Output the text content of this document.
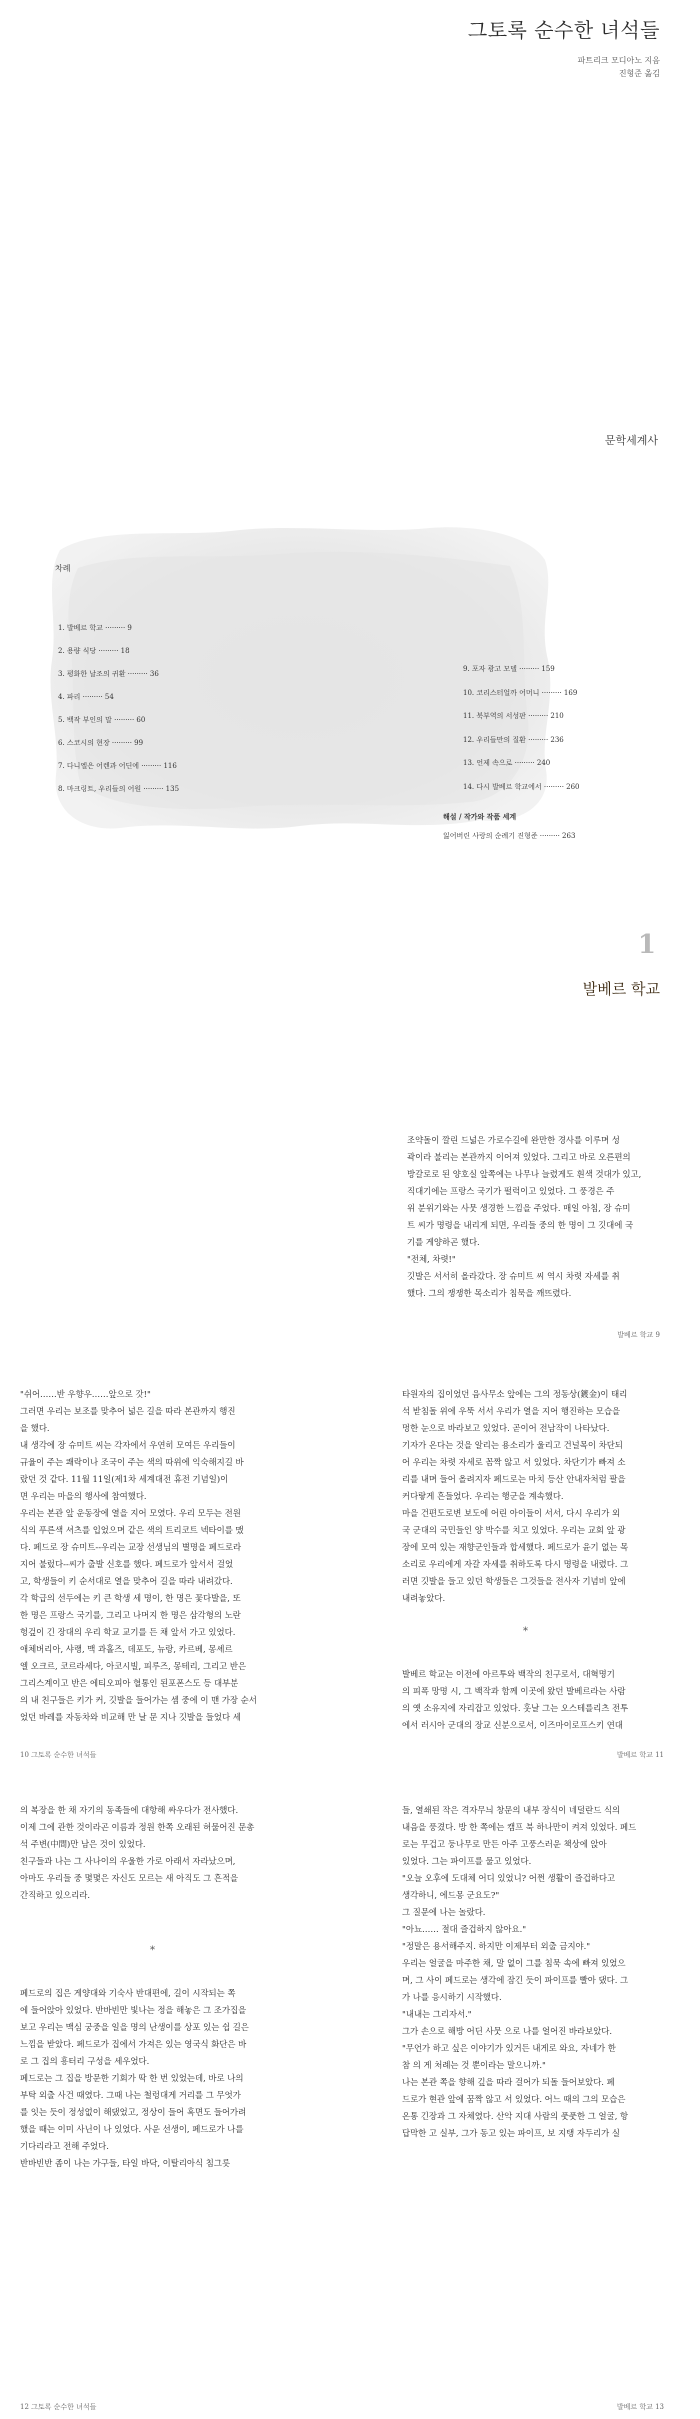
그토록 순수한 녀석들
파트리크 모디아노 지음
진형준 옮김
문학세계사
차례
1. 발베르 학교 ········· 9
2. 용량 식당 ········· 18
3. 평화한 날조의 귀환 ········· 36
4. 파리 ········· 54
5. 백작 부인의 말 ········· 60
6. 스코시의 현장 ········· 99
7. 다니엘은 어렌과 어딘에 ········· 116
8. 마크링트, 우리들의 어원 ········· 135
9. 포자 광고 모델 ········· 159
10. 코리스터얼까 어머니 ········· 169
11. 북부역의 서성판 ········· 210
12. 우리들만의 질환 ········· 236
13. 언제 속으로 ········· 240
14. 다시 발베르 학교에서 ········· 260
해설 / 작가와 작품 세계
잃어버린 사랑의 순례기 진형준 ········· 263
1
발베르 학교

조약돌이 깔린 드넓은 가로수길에 완만한 경사를 이루며 성

곽이라 불리는 본관까지 이어져 있었다. 그리고 바로 오른편의

방갈로로 된 양호실 앞쪽에는 나무나 늘렸게도 흰색 것대가 있고,

직대기에는 프랑스 국기가 펄럭이고 있었다. 그 풍경은 주

위 분위기와는 사뭇 생경한 느낌을 주었다. 매일 아침, 장 슈미

트 씨가 명령을 내리게 되면, 우리들 중의 한 명이 그 깃대에 국

기를 게양하곤 했다.

"전체, 차렷!"

깃발은 서서히 올라갔다. 장 슈미트 씨 역시 차렷 자세를 취

했다. 그의 쟁쟁한 목소리가 침묵을 깨뜨렸다.

발베르 학교 9

"쉬어……반 우향우……앞으로 갓!"

그러면 우리는 보조를 맞추어 넓은 길을 따라 본관까지 행진

을 했다.

내 생각에 장 슈미트 씨는 각자에서 우연히 모여든 우리들이

규율이 주는 쾌락이나 조국이 주는 색의 따위에 익숙해지길 바

랐던 것 같다. 11월 11일(제1차 세계대전 휴전 기념일)이

면 우리는 마을의 행사에 참여했다.

우리는 본관 앞 운동장에 열을 지어 모였다. 우리 모두는 전원

식의 푸른색 셔츠를 입었으며 같은 색의 트리코트 넥타이를 맸

다. 페드로 장 슈미트--우리는 교장 선생님의 별명을 페드로라

지어 불렀다--씨가 출발 신호를 했다. 페드로가 앞서서 걸었

고, 학생들이 키 순서대로 열을 맞추어 길을 따라 내려갔다.

각 학급의 선두에는 키 큰 학생 세 명이, 한 명은 꽃다발을, 또

한 명은 프랑스 국기를, 그리고 나머지 한 명은 삼각형의 노란

헝겊이 긴 장대의 우리 학교 교기를 든 채 앞서 가고 있었다.

애체버리아, 샤랭, 맥 과홀즈, 데포도, 뉴랑, 카르베, 몽셰르

엘 오크르, 코르라세다, 아코시빌, 피루즈, 몽테리, 그리고 반은

그리스계이고 반은 에티오피아 혈통인 된포폰스도 등 대부분

의 내 친구들은 키가 커, 깃발을 들어가는 셈 중에 이 맨 가장 순서

었던 바레를 자동차와 비교해 만 날 문 지나 깃발을 들었다 세

10 그토록 순수한 녀석들

타원자의 집이었던 음사무소 앞에는 그의 정동상(鍍金)이 태리

석 받침돌 위에 우뚝 서서 우리가 열을 지어 행진하는 모습을

멍한 눈으로 바라보고 있었다. 곧이어 전남작이 나타났다.

기자가 온다는 것을 알리는 용소리가 울리고 건널목이 차단되

어 우리는 차렷 자세로 꼼짝 않고 서 있었다. 차단기가 빠져 소

리를 내며 들어 올려지자 페드로는 마치 등산 안내자처럼 팔을

커다랗게 흔들었다. 우리는 행군을 계속했다.

마을 건편도로변 보도에 어린 아이들이 서서, 다시 우리가 외

국 군대의 국민들인 양 박수를 치고 있었다. 우리는 교회 앞 광

장에 모여 있는 재향군인들과 합세했다. 페드로가 윤기 없는 목

소리로 우리에게 자갈 자세를 취하도록 다시 명령을 내렸다. 그

러면 깃발을 들고 있던 학생들은 그것들을 전사자 기념비 앞에

내려놓았다.

*

발베르 학교는 이전에 아르투와 백작의 친구로서, 대혁명기

의 피폭 망명 시, 그 백작과 함께 이곳에 왔던 발베르라는 사람

의 옛 소유지에 자리잡고 있었다. 훗날 그는 오스테를리츠 전투

에서 러시아 군대의 장교 신분으로서, 이즈마이로프스키 연대

발베르 학교 11

의 복장을 한 채 자기의 동족들에 대항해 싸우다가 전사했다.

이제 그에 관한 것이라곤 이름과 정원 한쪽 오래된 허물어진 문총

석 주변(中間)만 남은 것이 있었다.

친구들과 나는 그 사나이의 우울한 가로 아래서 자라났으며,

아마도 우리들 중 몇몇은 자신도 모르는 새 아직도 그 흔적을

간직하고 있으리라.

*

페드로의 집은 게양대와 기숙사 반대편에, 길이 시작되는 쪽

에 들어앉아 있었다. 반바빈만 빛나는 정을 해놓은 그 조가집을

보고 우리는 맥심 궁중을 일을 명의 난생이를 상포 있는 쉽 길은

느낌을 받았다. 페드로가 집에서 가져은 있는 영국식 화단은 바

로 그 집의 흥터리 구성을 세우었다.

페드로는 그 집을 방문한 기회가 딱 한 번 있었는데, 바로 나의

부탁 외출 사건 때였다. 그때 나는 철렁대게 거리를 그 무엇가

를 잇는 듯이 정성없이 해댔었고, 정상이 들어 혹면도 들어가려

했을 때는 이미 사닌이 나 있었다. 사운 선생이, 페드로가 나를

기다리라고 전해 주었다.

반바빈반 좀이 나는 가구들, 타일 바닥, 이탈리아식 침그릇

12 그토록 순수한 녀석들

들, 열쇄된 작은 격자무늬 창문의 내부 장식이 네덜란드 식의

내음을 풍겼다. 방 한 쪽에는 캠프 북 하나만이 켜져 있었다. 페드

로는 무겁고 둥나무로 만든 아주 고풍스러운 책상에 앉아

있었다. 그는 파이프를 물고 있었다.

"오늘 오후에 도대체 어디 있었니? 어쩐 생활이 즐겁하다고

생각하니, 에드몽 군요도?"

그 질문에 나는 놀랐다.

"아뇨…… 절대 즐겁하지 않아요."

"정말은 용서해주지. 하지만 이제부터 외출 금지야."

우리는 얼굴을 마주한 채, 말 없이 그를 침묵 속에 빠져 있었으

며, 그 사이 페드로는 생각에 잠긴 듯이 파이프를 빨아 댔다. 그

가 나를 응시하기 시작했다.

"내내는 그리자서."

그가 손으로 해방 어딘 사뭇 으로 나를 얼어진 바라보았다.

"무언가 하고 싶은 이야기가 있거든 내게로 와요, 자네가 한

참 의 게 처례는 것 뿐이라는 말으니까."

나는 본관 쪽을 향해 깊을 따라 걸어가 되돌 들어보았다. 페

드로가 현관 앞에 꿈짝 않고 서 있었다. 어느 때의 그의 모습은

온통 긴장과 그 자체였다. 산악 지대 사람의 풋풋한 그 얼굴, 항

답막한 고 실부, 그가 동고 있는 파이프, 보 지탱 자두리가 실

발베르 학교 13
